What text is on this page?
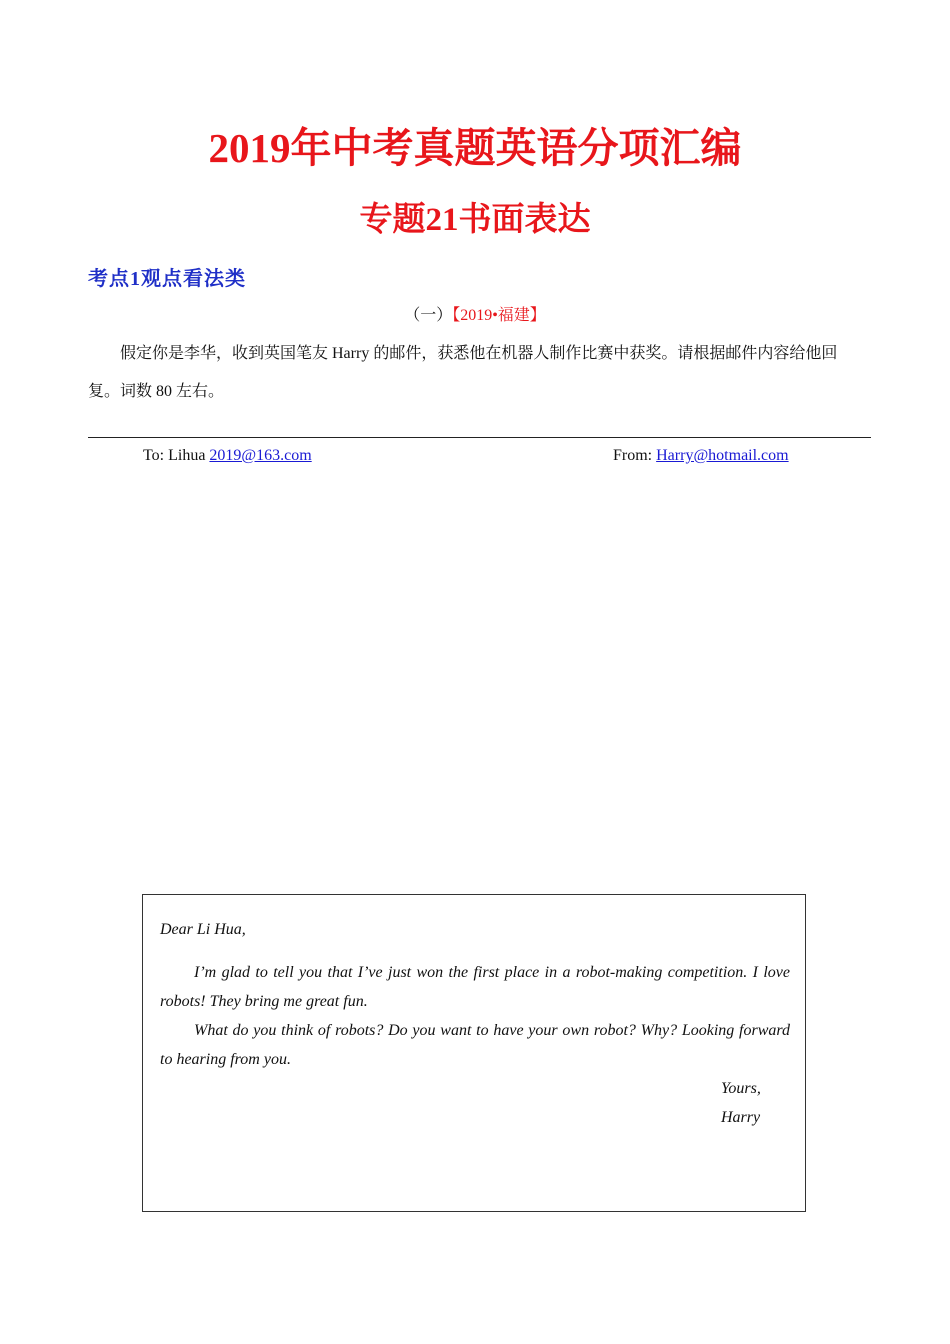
2019年中考真题英语分项汇编
专题21书面表达
考点1观点看法类
（一）【2019•福建】
假定你是李华，收到英国笔友 Harry 的邮件，获悉他在机器人制作比赛中获奖。请根据邮件内容给他回复。词数 80 左右。
To: Lihua 2019@163.com	From: Harry@hotmail.com
Dear Li Hua,
I’m glad to tell you that I’ve just won the first place in a robot-making competition. I love robots! They bring me great fun.
What do you think of robots? Do you want to have your own robot? Why? Looking forward to hearing from you.
Yours,
Harry
